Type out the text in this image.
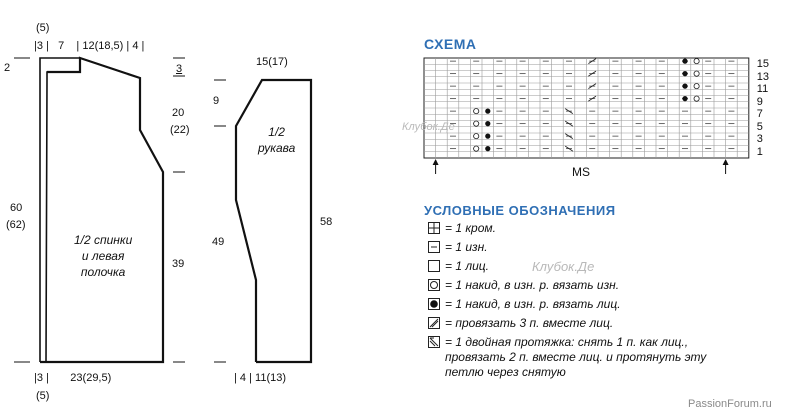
(5)
|3 |   7    | 12(18,5) | 4 |
2	3
20
(22)
39
60
(62)
1/2 спинки
и левая
полочка
|3 |       23(29,5)
(5)
15(17)
9
49
58
1/2
рукава
| 4 | 11(13)
СХЕМА
15
13
11
9
7
5
3
1
MS
Клубок.Де
УСЛОВНЫЕ ОБОЗНАЧЕНИЯ
= 1 кром.
= 1 изн.
= 1 лиц.
= 1 накид, в изн. р. вязать изн.
= 1 накид, в изн. р. вязать лиц.
= провязать 3 п. вместе лиц.
= 1 двойная протяжка: снять 1 п. как лиц.,
провязать 2 п. вместе лиц. и протянуть эту
петлю через снятую
Клубок.Де
PassionForum.ru
